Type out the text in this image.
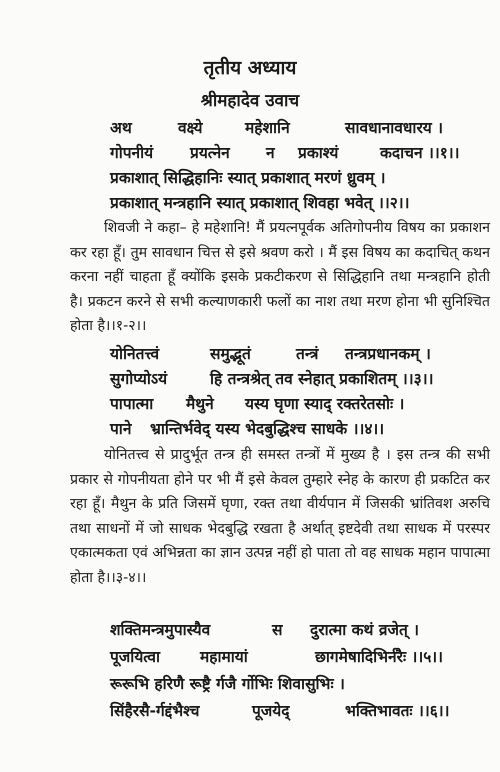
तृतीय अध्याय
श्रीमहादेव उवाच
अथ	वक्ष्ये	महेशानि	सावधानावधारय ।
गोपनीयं प्रयत्नेन न प्रकाश्यं	कदाचन ।।१।।
प्रकाशात् सिद्धिहानिः स्यात् प्रकाशात् मरणं ध्रुवम् ।
प्रकाशात् मन्त्रहानि स्यात् प्रकाशात् शिवहा भवेत् ।।२।।
शिवजी ने कहा– हे महेशानि! मैं प्रयत्नपूर्वक अतिगोपनीय विषय का प्रकाशन कर रहा हूँ। तुम सावधान चित्त से इसे श्रवण करो । मैं इस विषय का कदाचित् कथन करना नहीं चाहता हूँ क्योंकि इसके प्रकटीकरण से सिद्धिहानि तथा मन्त्रहानि होती है। प्रकटन करने से सभी कल्याणकारी फलों का नाश तथा मरण होना भी सुनिश्चित होता है।।१-२।।
योनितत्त्वं	समुद्भूतं	तन्त्रं तन्त्रप्रधानकम् ।
सुगोप्योऽयं	हि तन्त्रश्रेत् तव स्नेहात् प्रकाशितम् ।।३।।
पापात्मा मैथुने यस्य घृणा स्याद् रक्तरेतसोः ।
पाने भ्रान्तिर्भवेद् यस्य भेदबुद्धिश्च साधके ।।४।।
योनितत्त्व से प्रादुर्भूत तन्त्र ही समस्त तन्त्रों में मुख्य है । इस तन्त्र की सभी प्रकार से गोपनीयता होने पर भी मैं इसे केवल तुम्हारे स्नेह के कारण ही प्रकटित कर रहा हूँ। मैथुन के प्रति जिसमें घृणा, रक्त तथा वीर्यपान में जिसकी भ्रांतिवश अरुचि तथा साधनों में जो साधक भेदबुद्धि रखता है अर्थात् इष्टदेवी तथा साधक में परस्पर एकात्मकता एवं अभिन्नता का ज्ञान उत्पन्न नहीं हो पाता तो वह साधक महान पापात्मा होता है।।३-४।।
शक्तिमन्त्रमुपास्यैव	स दुरात्मा कथं व्रजेत् ।
पूजयित्वा	महामायां	छागमेषादिभिर्नरैः ।।५।।
रूरूभि हरिणै रूष्ट्रै र्गजै र्गोभिः शिवासुभिः ।
सिंहैरसै-र्गद्दंभैश्च	पूजयेद्	भक्तिभावतः ।।६।।
